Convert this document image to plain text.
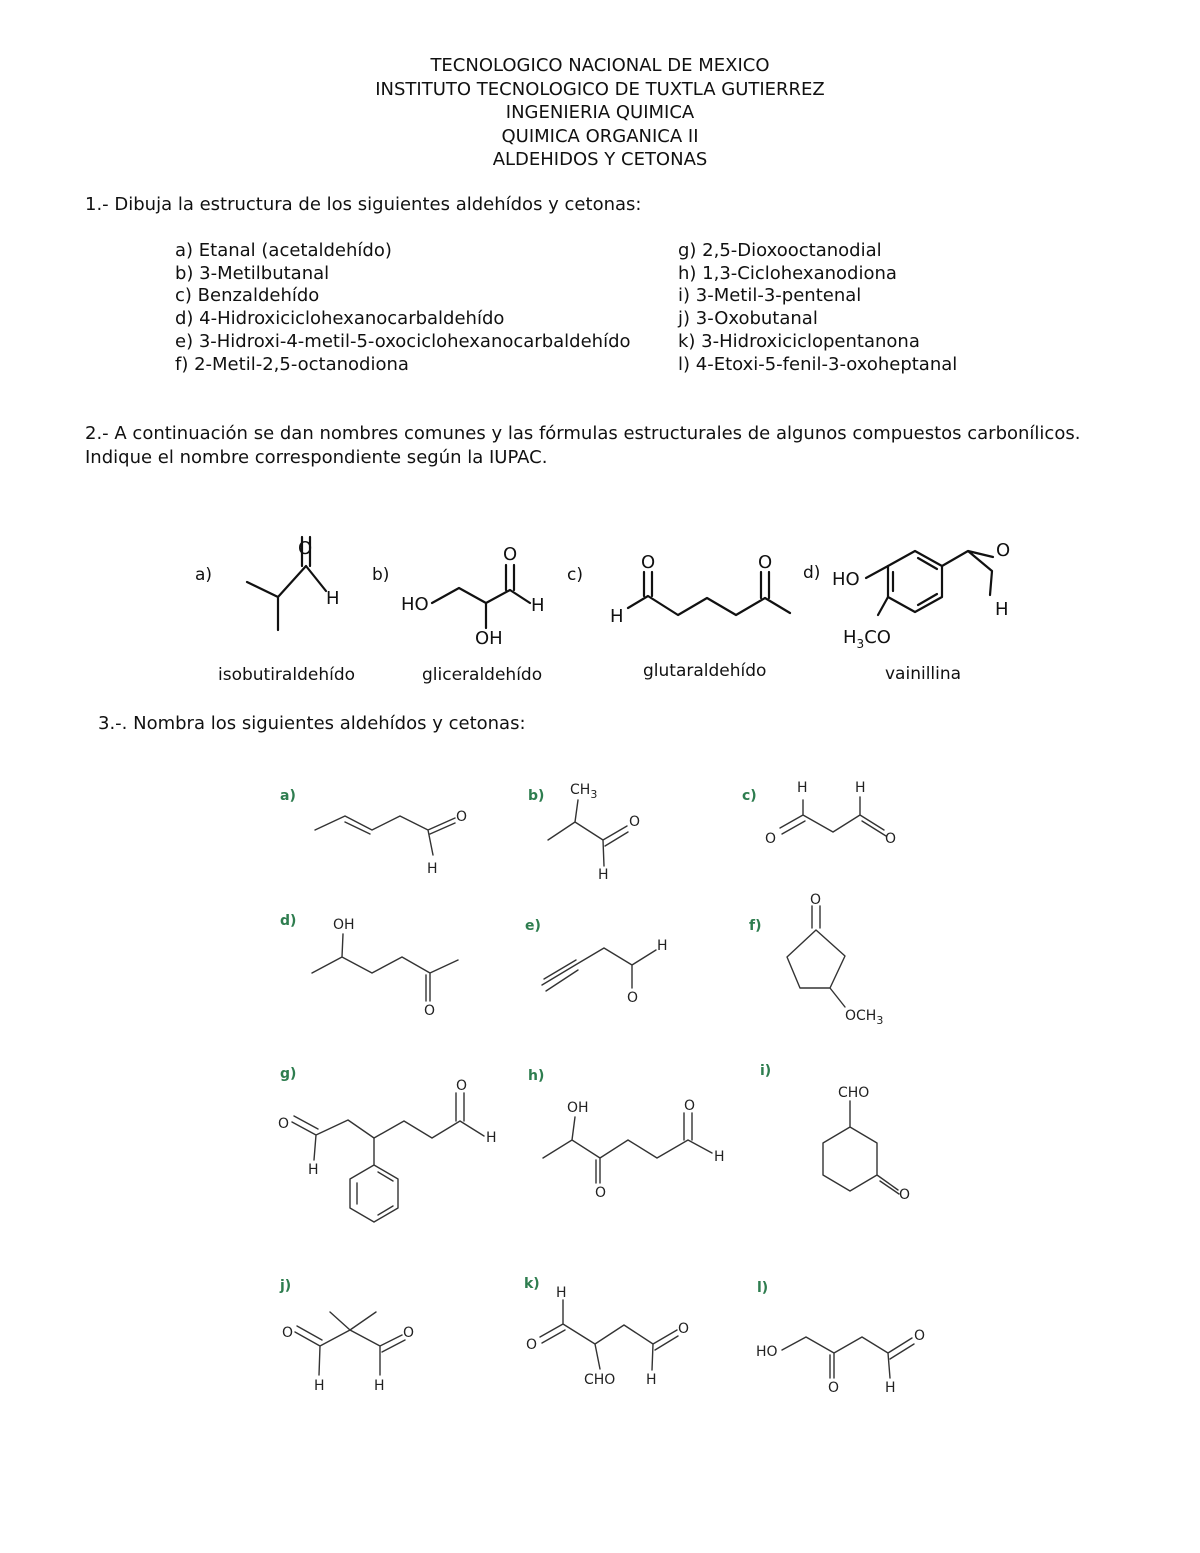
TECNOLOGICO NACIONAL DE MEXICO
INSTITUTO TECNOLOGICO DE TUXTLA GUTIERREZ
INGENIERIA QUIMICA
QUIMICA ORGANICA II
ALDEHIDOS Y CETONAS
1.- Dibuja la estructura de los siguientes aldehídos y cetonas:
a) Etanal (acetaldehído)
b) 3-Metilbutanal
c) Benzaldehído
d) 4-Hidroxiciclohexanocarbaldehído
e) 3-Hidroxi-4-metil-5-oxociclohexanocarbaldehído
f) 2-Metil-2,5-octanodiona
g) 2,5-Dioxooctanodial
h) 1,3-Ciclohexanodiona
i) 3-Metil-3-pentenal
j) 3-Oxobutanal
k) 3-Hidroxiciclopentanona
l) 4-Etoxi-5-fenil-3-oxoheptanal
2.- A continuación se dan nombres comunes y las fórmulas estructurales de algunos compuestos carbonílicos. Indique el nombre correspondiente según la IUPAC.
3.-. Nombra los siguientes aldehídos y cetonas:
a)
O
H
isobutiraldehído
b)
HO
O
H
OH
gliceraldehído
c)
O	O
H
glutaraldehído
d) HO
O
H
$H_3CO$
vainillina
a)
O
H
b) $CH_3$
O
H
c)
O	O
H	H
d)	OH
O
e)
H
O
f)
O
$OCH_3$
g)
O
O
H
H
h)
OH	O
O
H
i)
CHO
O
j)
O	O
H	H
k)
H
O
O
CHO H
l)
HO
O
O	H
